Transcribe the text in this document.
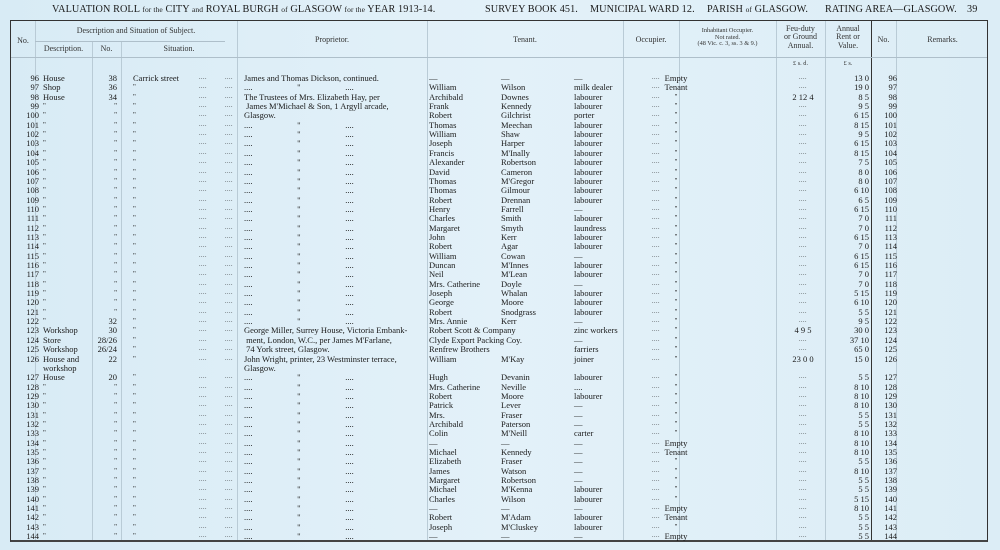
VALUATION ROLL for the CITY and ROYAL BURGH of GLASGOW for the YEAR 1913-14.	SURVEY BOOK 451. MUNICIPAL WARD 12. PARISH of GLASGOW. RATING AREA—GLASGOW. 39
No.
Description and Situation of Subject.
Description.	No.	Situation.
Proprietor.	Tenant.	Occupier.
Inhabitant Occupier.
Not rated.
(48 Vic. c. 3, ss. 3 & 9.)
Feu-duty
or Ground
Annual.
Annual
Rent or
Value.
No.	Remarks.
£ s. d.	£ s.
96 House	38 Carrick street	....	.... James and Thomas Dickson, continued.	—	—	—	.... Empty	....	13 0	96
97 Shop	36 "	....	.... ....                     "                     ....	William	Wilson	milk dealer	.... Tenant	....	19 0	97
98 House	34 "	....	.... The Trustees of Mrs. Elizabeth Hay, per	Archibald	Downes	labourer	....	"	2 12 4	8 5	98
99 "	" "	....	.... James M'Michael & Son, 1 Argyll arcade,	Frank	Kennedy	labourer	....	"	....	9 5	99
100 "	" "	....	.... Glasgow.	Robert	Gilchrist	porter	....	"	....	6 15	100
101 "	" "	....	.... ....                     "                     ....	Thomas	Meechan	labourer	....	"	....	8 15	101
102 "	" "	....	.... ....                     "                     ....	William	Shaw	labourer	....	"	....	9 5	102
103 "	" "	....	.... ....                     "                     ....	Joseph	Harper	labourer	....	"	....	6 15	103
104 "	" "	....	.... ....                     "                     ....	Francis	M'Inally	labourer	....	"	....	8 15	104
105 "	" "	....	.... ....                     "                     ....	Alexander	Robertson	labourer	....	"	....	7 5	105
106 "	" "	....	.... ....                     "                     ....	David	Cameron	labourer	....	"	....	8 0	106
107 "	" "	....	.... ....                     "                     ....	Thomas	M'Gregor	labourer	....	"	....	8 0	107
108 "	" "	....	.... ....                     "                     ....	Thomas	Gilmour	labourer	....	"	....	6 10	108
109 "	" "	....	.... ....                     "                     ....	Robert	Drennan	labourer	....	"	....	6 5	109
110 "	" "	....	.... ....                     "                     ....	Henry	Farrell	—	....	"	....	6 15	110
111 "	" "	....	.... ....                     "                     ....	Charles	Smith	labourer	....	"	....	7 0	111
112 "	" "	....	.... ....                     "                     ....	Margaret	Smyth	laundress	....	"	....	7 0	112
113 "	" "	....	.... ....                     "                     ....	John	Kerr	labourer	....	"	....	6 15	113
114 "	" "	....	.... ....                     "                     ....	Robert	Agar	labourer	....	"	....	7 0	114
115 "	" "	....	.... ....                     "                     ....	William	Cowan	—	....	"	....	6 15	115
116 "	" "	....	.... ....                     "                     ....	Duncan	M'Innes	labourer	....	"	....	6 15	116
117 "	" "	....	.... ....                     "                     ....	Neil	M'Lean	labourer	....	"	....	7 0	117
118 "	" "	....	.... ....                     "                     ....	Mrs. Catherine Doyle	—	....	"	....	7 0	118
119 "	" "	....	.... ....                     "                     ....	Joseph	Whalan	labourer	....	"	....	5 15	119
120 "	" "	....	.... ....                     "                     ....	George	Moore	labourer	....	"	....	6 10	120
121 "	" "	....	.... ....                     "                     ....	Robert	Snodgrass	labourer	....	"	....	5 5	121
122 "	32 "	....	.... ....                     "                     ....	Mrs. Annie	Kerr	—	....	"	....	9 5	122
123 Workshop	30 "	....	.... George Miller, Surrey House, Victoria Embank-	Robert Scott & Company	zinc workers	....	"	4 9 5	30 0	123
124 Store	28/26 "	....	.... ment, London, W.C., per James M'Farlane,	Clyde Export Packing Coy.	—	....	"	....	37 10	124
125 Workshop	26/24 "	....	.... 74 York street, Glasgow.	Renfrew Brothers	farriers	....	"	....	65 0	125
126 House and	22 "	....	.... John Wright, printer, 23 Westminster terrace,	William	M'Kay	joiner	....	"	23 0 0	15 0	126
workshop	Glasgow.
127 House	20 "	....	.... ....                     "                     ....	Hugh	Devanin	labourer	....	"	....	5 5	127
128 "	" "	....	.... ....                     "                     ....	Mrs. Catherine Neville	....	....	"	....	8 10	128
129 "	" "	....	.... ....                     "                     ....	Robert	Moore	labourer	....	"	....	8 10	129
130 "	" "	....	.... ....                     "                     ....	Patrick	Lever	—	....	"	....	8 10	130
131 "	" "	....	.... ....                     "                     ....	Mrs.	Fraser	—	....	"	....	5 5	131
132 "	" "	....	.... ....                     "                     ....	Archibald	Paterson	—	....	"	....	5 5	132
133 "	" "	....	.... ....                     "                     ....	Colin	M'Neill	carter	....	"	....	8 10	133
134 "	" "	....	.... ....                     "                     ....	—	—	—	.... Empty	....	8 10	134
135 "	" "	....	.... ....                     "                     ....	Michael	Kennedy	—	.... Tenant	....	8 10	135
136 "	" "	....	.... ....                     "                     ....	Elizabeth	Fraser	—	....	"	....	5 5	136
137 "	" "	....	.... ....                     "                     ....	James	Watson	—	....	"	....	8 10	137
138 "	" "	....	.... ....                     "                     ....	Margaret	Robertson	—	....	"	....	5 5	138
139 "	" "	....	.... ....                     "                     ....	Michael	M'Kenna	labourer	....	"	....	5 5	139
140 "	" "	....	.... ....                     "                     ....	Charles	Wilson	labourer	....	"	....	5 15	140
141 "	" "	....	.... ....                     "                     ....	—	—	—	.... Empty	....	8 10	141
142 "	" "	....	.... ....                     "                     ....	Robert	M'Adam	labourer	.... Tenant	....	5 5	142
143 "	" "	....	.... ....                     "                     ....	Joseph	M'Cluskey	labourer	....	"	....	5 5	143
144 "	" "	....	.... ....                     "                     ....	—	—	—	.... Empty	....	5 5	144
